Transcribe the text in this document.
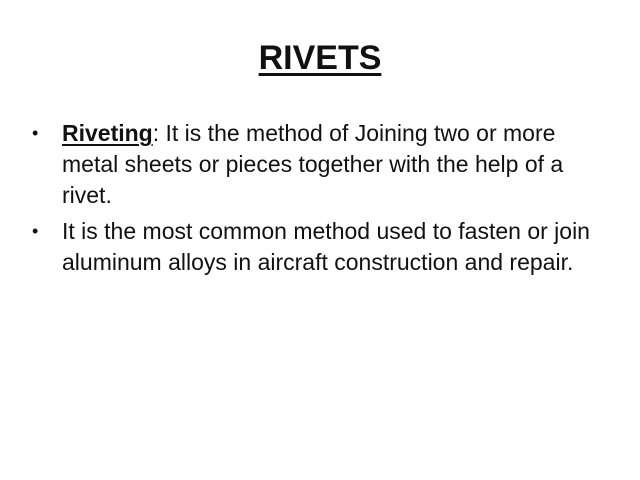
RIVETS
• Riveting: It is the method of Joining two or more metal sheets or pieces together with the help of a rivet.
• It is the most common method used to fasten or join aluminum alloys in aircraft construction and repair.
